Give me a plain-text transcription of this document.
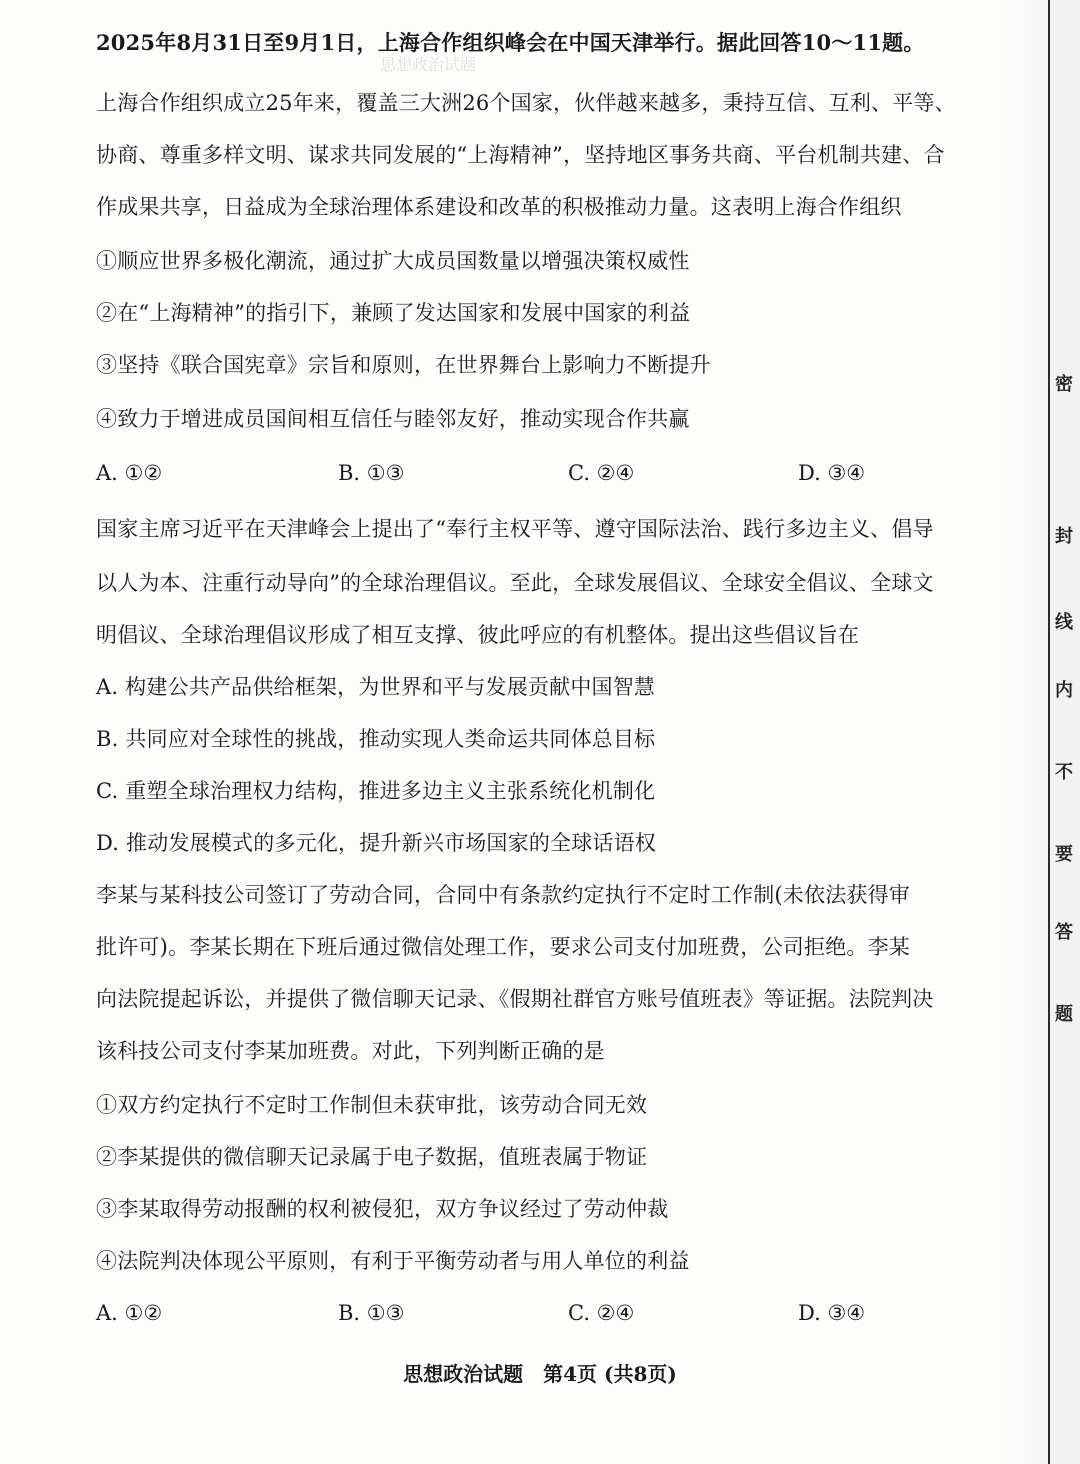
思想政治试题
2025年8月31日至9月1日，上海合作组织峰会在中国天津举行。据此回答10～11题。
上海合作组织成立25年来，覆盖三大洲26个国家，伙伴越来越多，秉持互信、互利、平等、
协商、尊重多样文明、谋求共同发展的“上海精神”，坚持地区事务共商、平台机制共建、合
作成果共享，日益成为全球治理体系建设和改革的积极推动力量。这表明上海合作组织
①顺应世界多极化潮流，通过扩大成员国数量以增强决策权威性
②在“上海精神”的指引下，兼顾了发达国家和发展中国家的利益
③坚持《联合国宪章》宗旨和原则，在世界舞台上影响力不断提升
④致力于增进成员国间相互信任与睦邻友好，推动实现合作共赢
A. ①②	B. ①③	C. ②④	D. ③④
国家主席习近平在天津峰会上提出了“奉行主权平等、遵守国际法治、践行多边主义、倡导
以人为本、注重行动导向”的全球治理倡议。至此，全球发展倡议、全球安全倡议、全球文
明倡议、全球治理倡议形成了相互支撑、彼此呼应的有机整体。提出这些倡议旨在
A. 构建公共产品供给框架，为世界和平与发展贡献中国智慧
B. 共同应对全球性的挑战，推动实现人类命运共同体总目标
C. 重塑全球治理权力结构，推进多边主义主张系统化机制化
D. 推动发展模式的多元化，提升新兴市场国家的全球话语权
李某与某科技公司签订了劳动合同，合同中有条款约定执行不定时工作制(未依法获得审
批许可)。李某长期在下班后通过微信处理工作，要求公司支付加班费，公司拒绝。李某
向法院提起诉讼，并提供了微信聊天记录、《假期社群官方账号值班表》等证据。法院判决
该科技公司支付李某加班费。对此，下列判断正确的是
①双方约定执行不定时工作制但未获审批，该劳动合同无效
②李某提供的微信聊天记录属于电子数据，值班表属于物证
③李某取得劳动报酬的权利被侵犯，双方争议经过了劳动仲裁
④法院判决体现公平原则，有利于平衡劳动者与用人单位的利益
A. ①②	B. ①③	C. ②④	D. ③④
思想政治试题　第4页 (共8页)
密
封
线
内
不
要
答
题
